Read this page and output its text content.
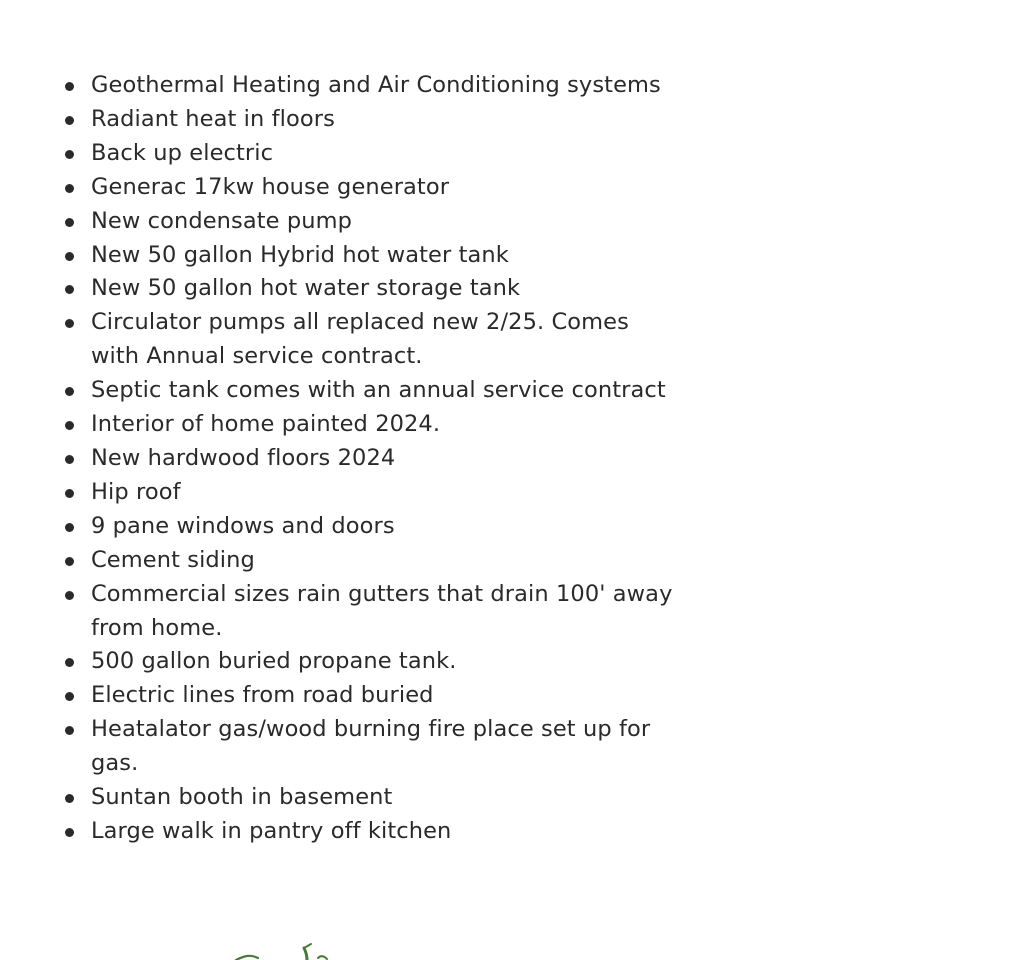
Geothermal Heating and Air Conditioning systems
Radiant heat in floors
Back up electric
Generac 17kw house generator
New condensate pump
New 50 gallon Hybrid hot water tank
New 50 gallon hot water storage tank
Circulator pumps all replaced new 2/25. Comes
with Annual service contract.
Septic tank comes with an annual service contract
Interior of home painted 2024.
New hardwood floors 2024
Hip roof
9 pane windows and doors
Cement siding
Commercial sizes rain gutters that drain 100' away
from home.
500 gallon buried propane tank.
Electric lines from road buried
Heatalator gas/wood burning fire place set up for
gas.
Suntan booth in basement
Large walk in pantry off kitchen
